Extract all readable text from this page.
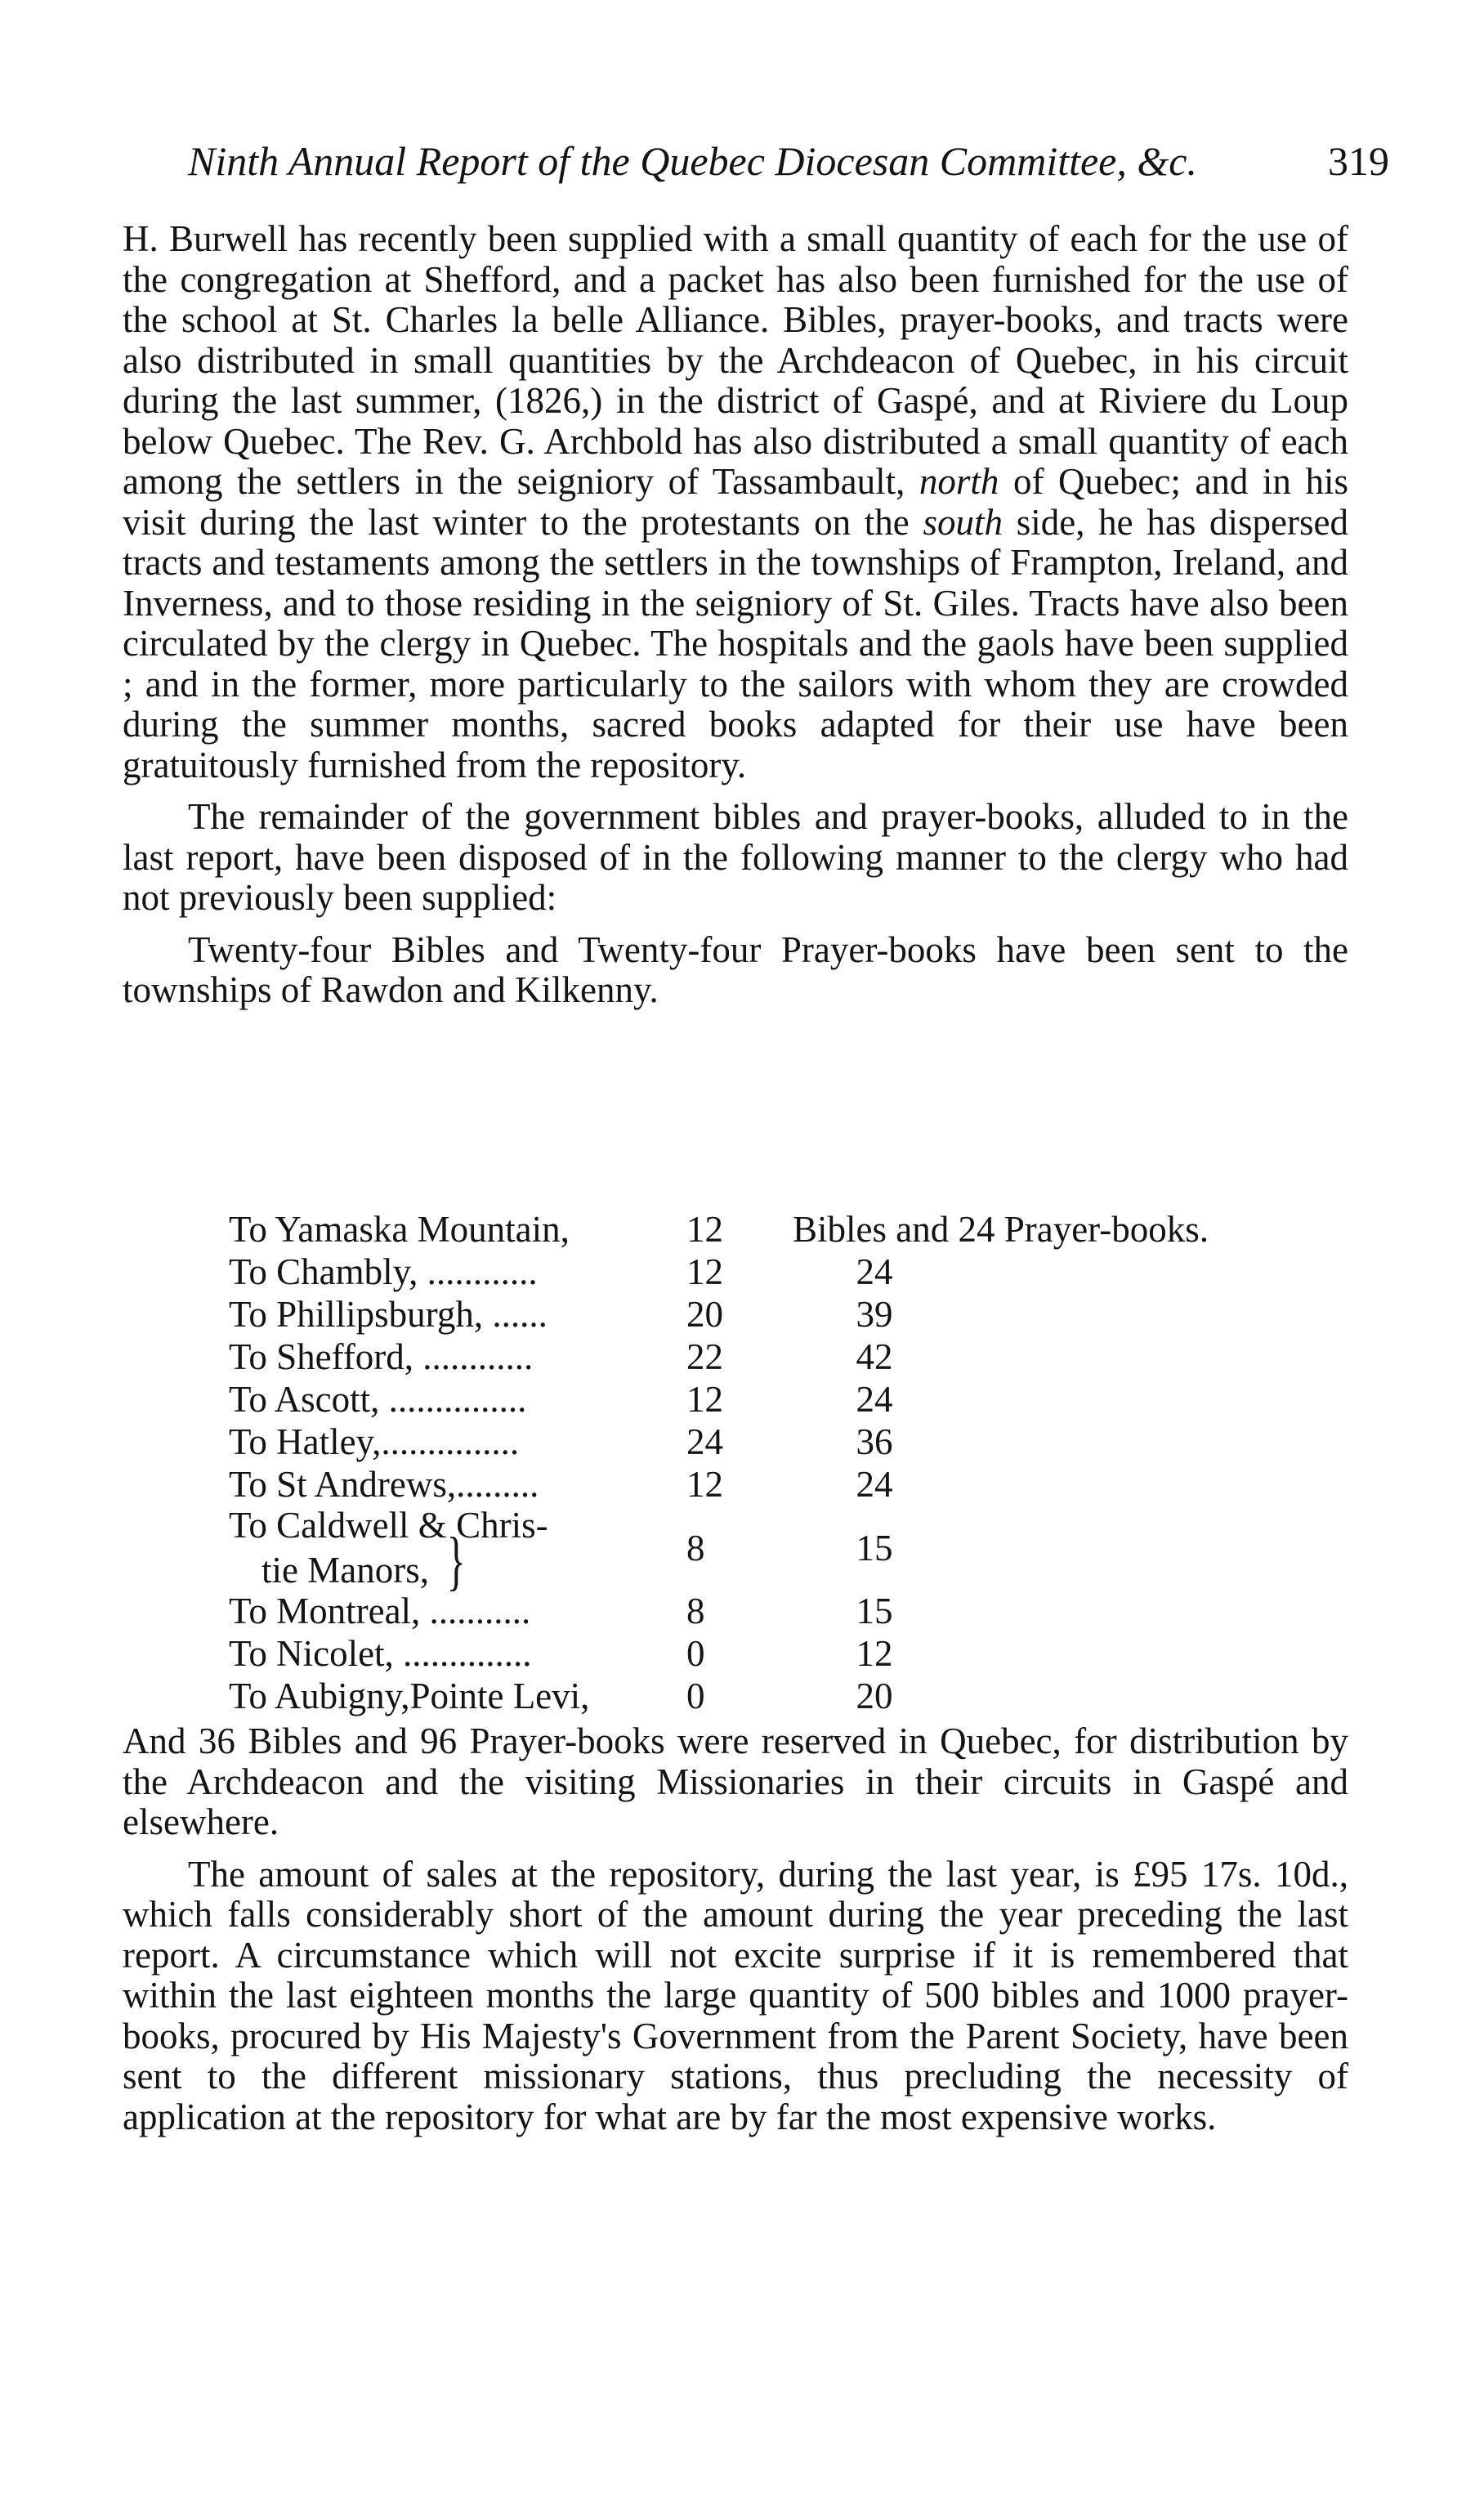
Ninth Annual Report of the Quebec Diocesan Committee, &c.	319

H. Burwell has recently been supplied with a small quantity of each for the use of the congregation at Shefford, and a packet has also been furnished for the use of the school at St. Charles la belle Alliance. Bibles, prayer-books, and tracts were also distributed in small quantities by the Archdeacon of Quebec, in his circuit during the last summer, (1826,) in the district of Gaspé, and at Riviere du Loup below Quebec. The Rev. G. Archbold has also distributed a small quantity of each among the settlers in the seigniory of Tassambault, north of Quebec; and in his visit during the last winter to the protestants on the south side, he has dispersed tracts and testaments among the settlers in the townships of Frampton, Ireland, and Inverness, and to those residing in the seigniory of St. Giles. Tracts have also been circulated by the clergy in Quebec. The hospitals and the gaols have been supplied ; and in the former, more particularly to the sailors with whom they are crowded during the summer months, sacred books adapted for their use have been gratuitously furnished from the repository.

The remainder of the government bibles and prayer-books, alluded to in the last report, have been disposed of in the following manner to the clergy who had not previously been supplied:

Twenty-four Bibles and Twenty-four Prayer-books have been sent to the townships of Rawdon and Kilkenny.

To Yamaska Mountain,	12	Bibles and 24 Prayer-books.	
To Chambly, ............	12	24	
To Phillipsburgh, ......	20	39	
To Shefford, ............	22	42	
To Ascott, ...............	12	24	
To Hatley,...............	24	36	
To St Andrews,.........	12	24	
To Caldwell & Chris-
tie Manors, }	8	15	
To Montreal, ...........	8	15	
To Nicolet, ..............	0	12	
To Aubigny,Pointe Levi,	0	20	

And 36 Bibles and 96 Prayer-books were reserved in Quebec, for distribution by the Archdeacon and the visiting Missionaries in their circuits in Gaspé and elsewhere.

The amount of sales at the repository, during the last year, is £95 17s. 10d., which falls considerably short of the amount during the year preceding the last report. A circumstance which will not excite surprise if it is remembered that within the last eighteen months the large quantity of 500 bibles and 1000 prayer-books, procured by His Majesty's Government from the Parent Society, have been sent to the different missionary stations, thus precluding the necessity of application at the repository for what are by far the most expensive works.
